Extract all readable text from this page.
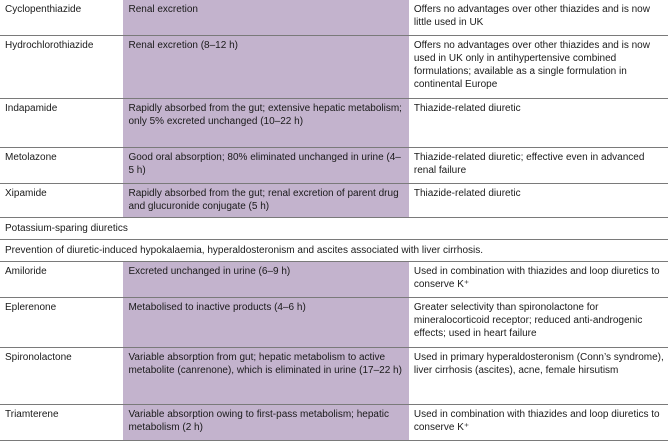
Cyclopenthiazide	Renal excretion	Offers no advantages over other thiazides and is now little used in UK
Hydrochlorothiazide	Renal excretion (8–12 h)	Offers no advantages over other thiazides and is now used in UK only in antihypertensive combined formulations; available as a single formulation in continental Europe
Indapamide	Rapidly absorbed from the gut; extensive hepatic metabolism; only 5% excreted unchanged (10–22 h)	Thiazide-related diuretic
Metolazone	Good oral absorption; 80% eliminated unchanged in urine (4–5 h)	Thiazide-related diuretic; effective even in advanced renal failure
Xipamide	Rapidly absorbed from the gut; renal excretion of parent drug and glucuronide conjugate (5 h)	Thiazide-related diuretic
Potassium-sparing diuretics		
Prevention of diuretic-induced hypokalaemia, hyperaldosteronism and ascites associated with liver cirrhosis.		
Amiloride	Excreted unchanged in urine (6–9 h)	Used in combination with thiazides and loop diuretics to conserve K⁺
Eplerenone	Metabolised to inactive products (4–6 h)	Greater selectivity than spironolactone for mineralocorticoid receptor; reduced anti-androgenic effects; used in heart failure
Spironolactone	Variable absorption from gut; hepatic metabolism to active metabolite (canrenone), which is eliminated in urine (17–22 h)	Used in primary hyperaldosteronism (Conn’s syndrome), liver cirrhosis (ascites), acne, female hirsutism
Triamterene	Variable absorption owing to first-pass metabolism; hepatic metabolism (2 h)	Used in combination with thiazides and loop diuretics to conserve K⁺
